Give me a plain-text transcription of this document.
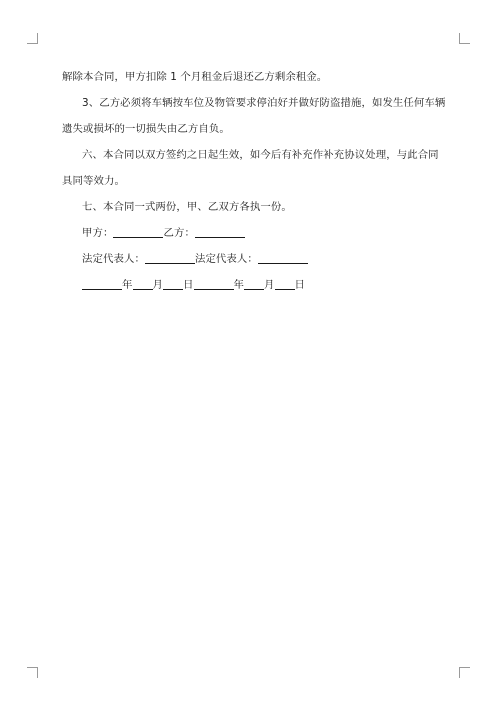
解除本合同，甲方扣除 1 个月租金后退还乙方剩余租金。

3、乙方必须将车辆按车位及物管要求停泊好并做好防盗措施，如发生任何车辆遗失或损坏的一切损失由乙方自负。

六、本合同以双方签约之日起生效，如今后有补充作补充协议处理，与此合同具同等效力。

七、本合同一式两份，甲、乙双方各执一份。

甲方：	乙方：

法定代表人：	法定代表人：

年 月 日	年 月 日
